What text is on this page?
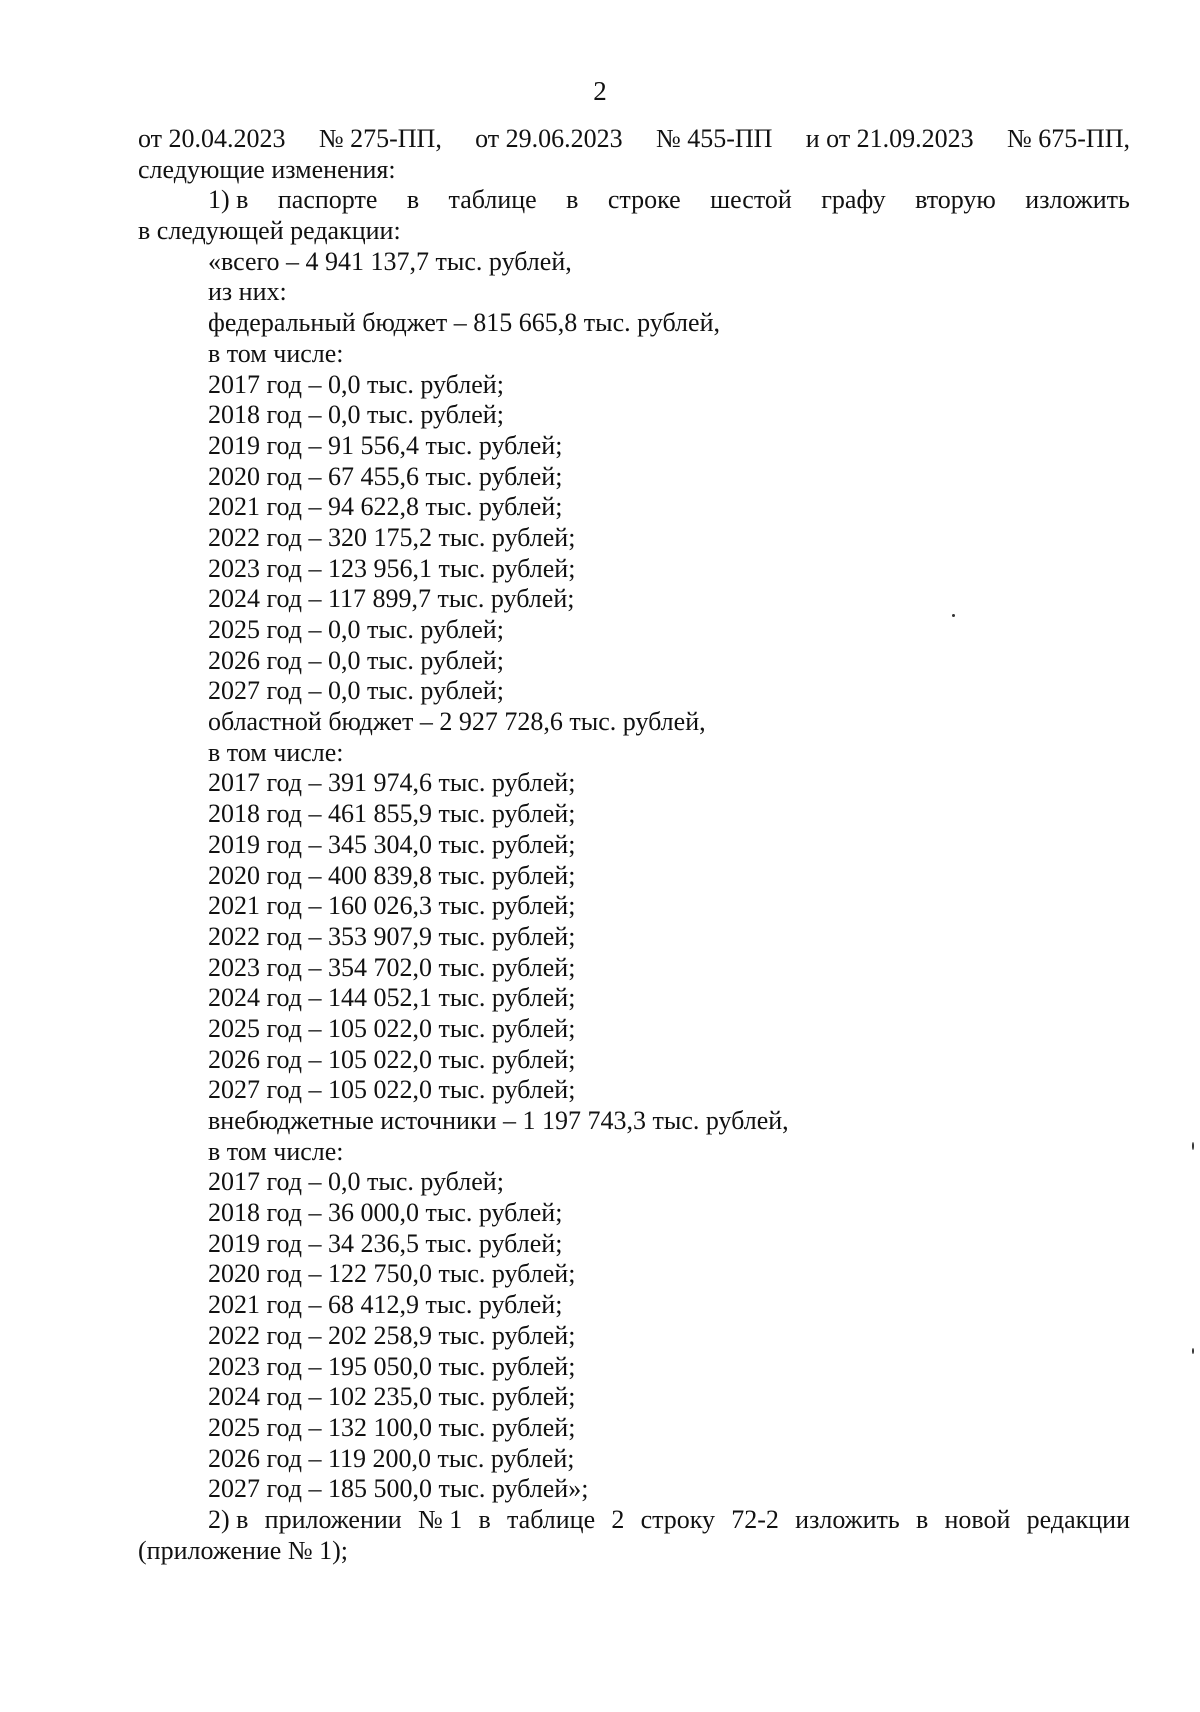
2
от 20.04.2023 № 275-ПП, от 29.06.2023 № 455-ПП и от 21.09.2023 № 675-ПП,
следующие изменения:
1) в паспорте в таблице в строке шестой графу вторую изложить
в следующей редакции:
«всего – 4 941 137,7 тыс. рублей,
из них:
федеральный бюджет – 815 665,8 тыс. рублей,
в том числе:
2017 год – 0,0 тыс. рублей;
2018 год – 0,0 тыс. рублей;
2019 год – 91 556,4 тыс. рублей;
2020 год – 67 455,6 тыс. рублей;
2021 год – 94 622,8 тыс. рублей;
2022 год – 320 175,2 тыс. рублей;
2023 год – 123 956,1 тыс. рублей;
2024 год – 117 899,7 тыс. рублей;
2025 год – 0,0 тыс. рублей;
2026 год – 0,0 тыс. рублей;
2027 год – 0,0 тыс. рублей;
областной бюджет – 2 927 728,6 тыс. рублей,
в том числе:
2017 год – 391 974,6 тыс. рублей;
2018 год – 461 855,9 тыс. рублей;
2019 год – 345 304,0 тыс. рублей;
2020 год – 400 839,8 тыс. рублей;
2021 год – 160 026,3 тыс. рублей;
2022 год – 353 907,9 тыс. рублей;
2023 год – 354 702,0 тыс. рублей;
2024 год – 144 052,1 тыс. рублей;
2025 год – 105 022,0 тыс. рублей;
2026 год – 105 022,0 тыс. рублей;
2027 год – 105 022,0 тыс. рублей;
внебюджетные источники – 1 197 743,3 тыс. рублей,
в том числе:
2017 год – 0,0 тыс. рублей;
2018 год – 36 000,0 тыс. рублей;
2019 год – 34 236,5 тыс. рублей;
2020 год – 122 750,0 тыс. рублей;
2021 год – 68 412,9 тыс. рублей;
2022 год – 202 258,9 тыс. рублей;
2023 год – 195 050,0 тыс. рублей;
2024 год – 102 235,0 тыс. рублей;
2025 год – 132 100,0 тыс. рублей;
2026 год – 119 200,0 тыс. рублей;
2027 год – 185 500,0 тыс. рублей»;
2) в приложении № 1 в таблице 2 строку 72-2 изложить в новой редакции
(приложение № 1);
